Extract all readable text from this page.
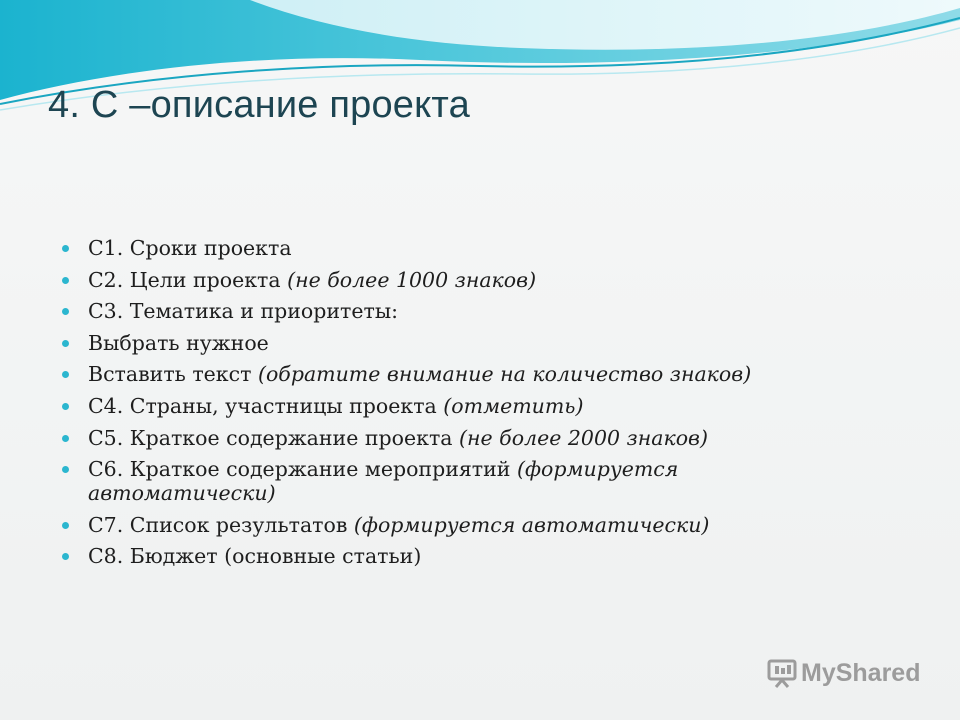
4. С –описание проекта
С1. Сроки проекта
С2. Цели проекта (не более 1000 знаков)
С3. Тематика и приоритеты:
Выбрать нужное
Вставить текст (обратите внимание на количество знаков)
С4. Страны, участницы проекта (отметить)
С5. Краткое содержание проекта (не более 2000 знаков)
С6. Краткое содержание мероприятий (формируется автоматически)
С7. Список результатов (формируется автоматически)
С8. Бюджет (основные статьи)
MyShared
